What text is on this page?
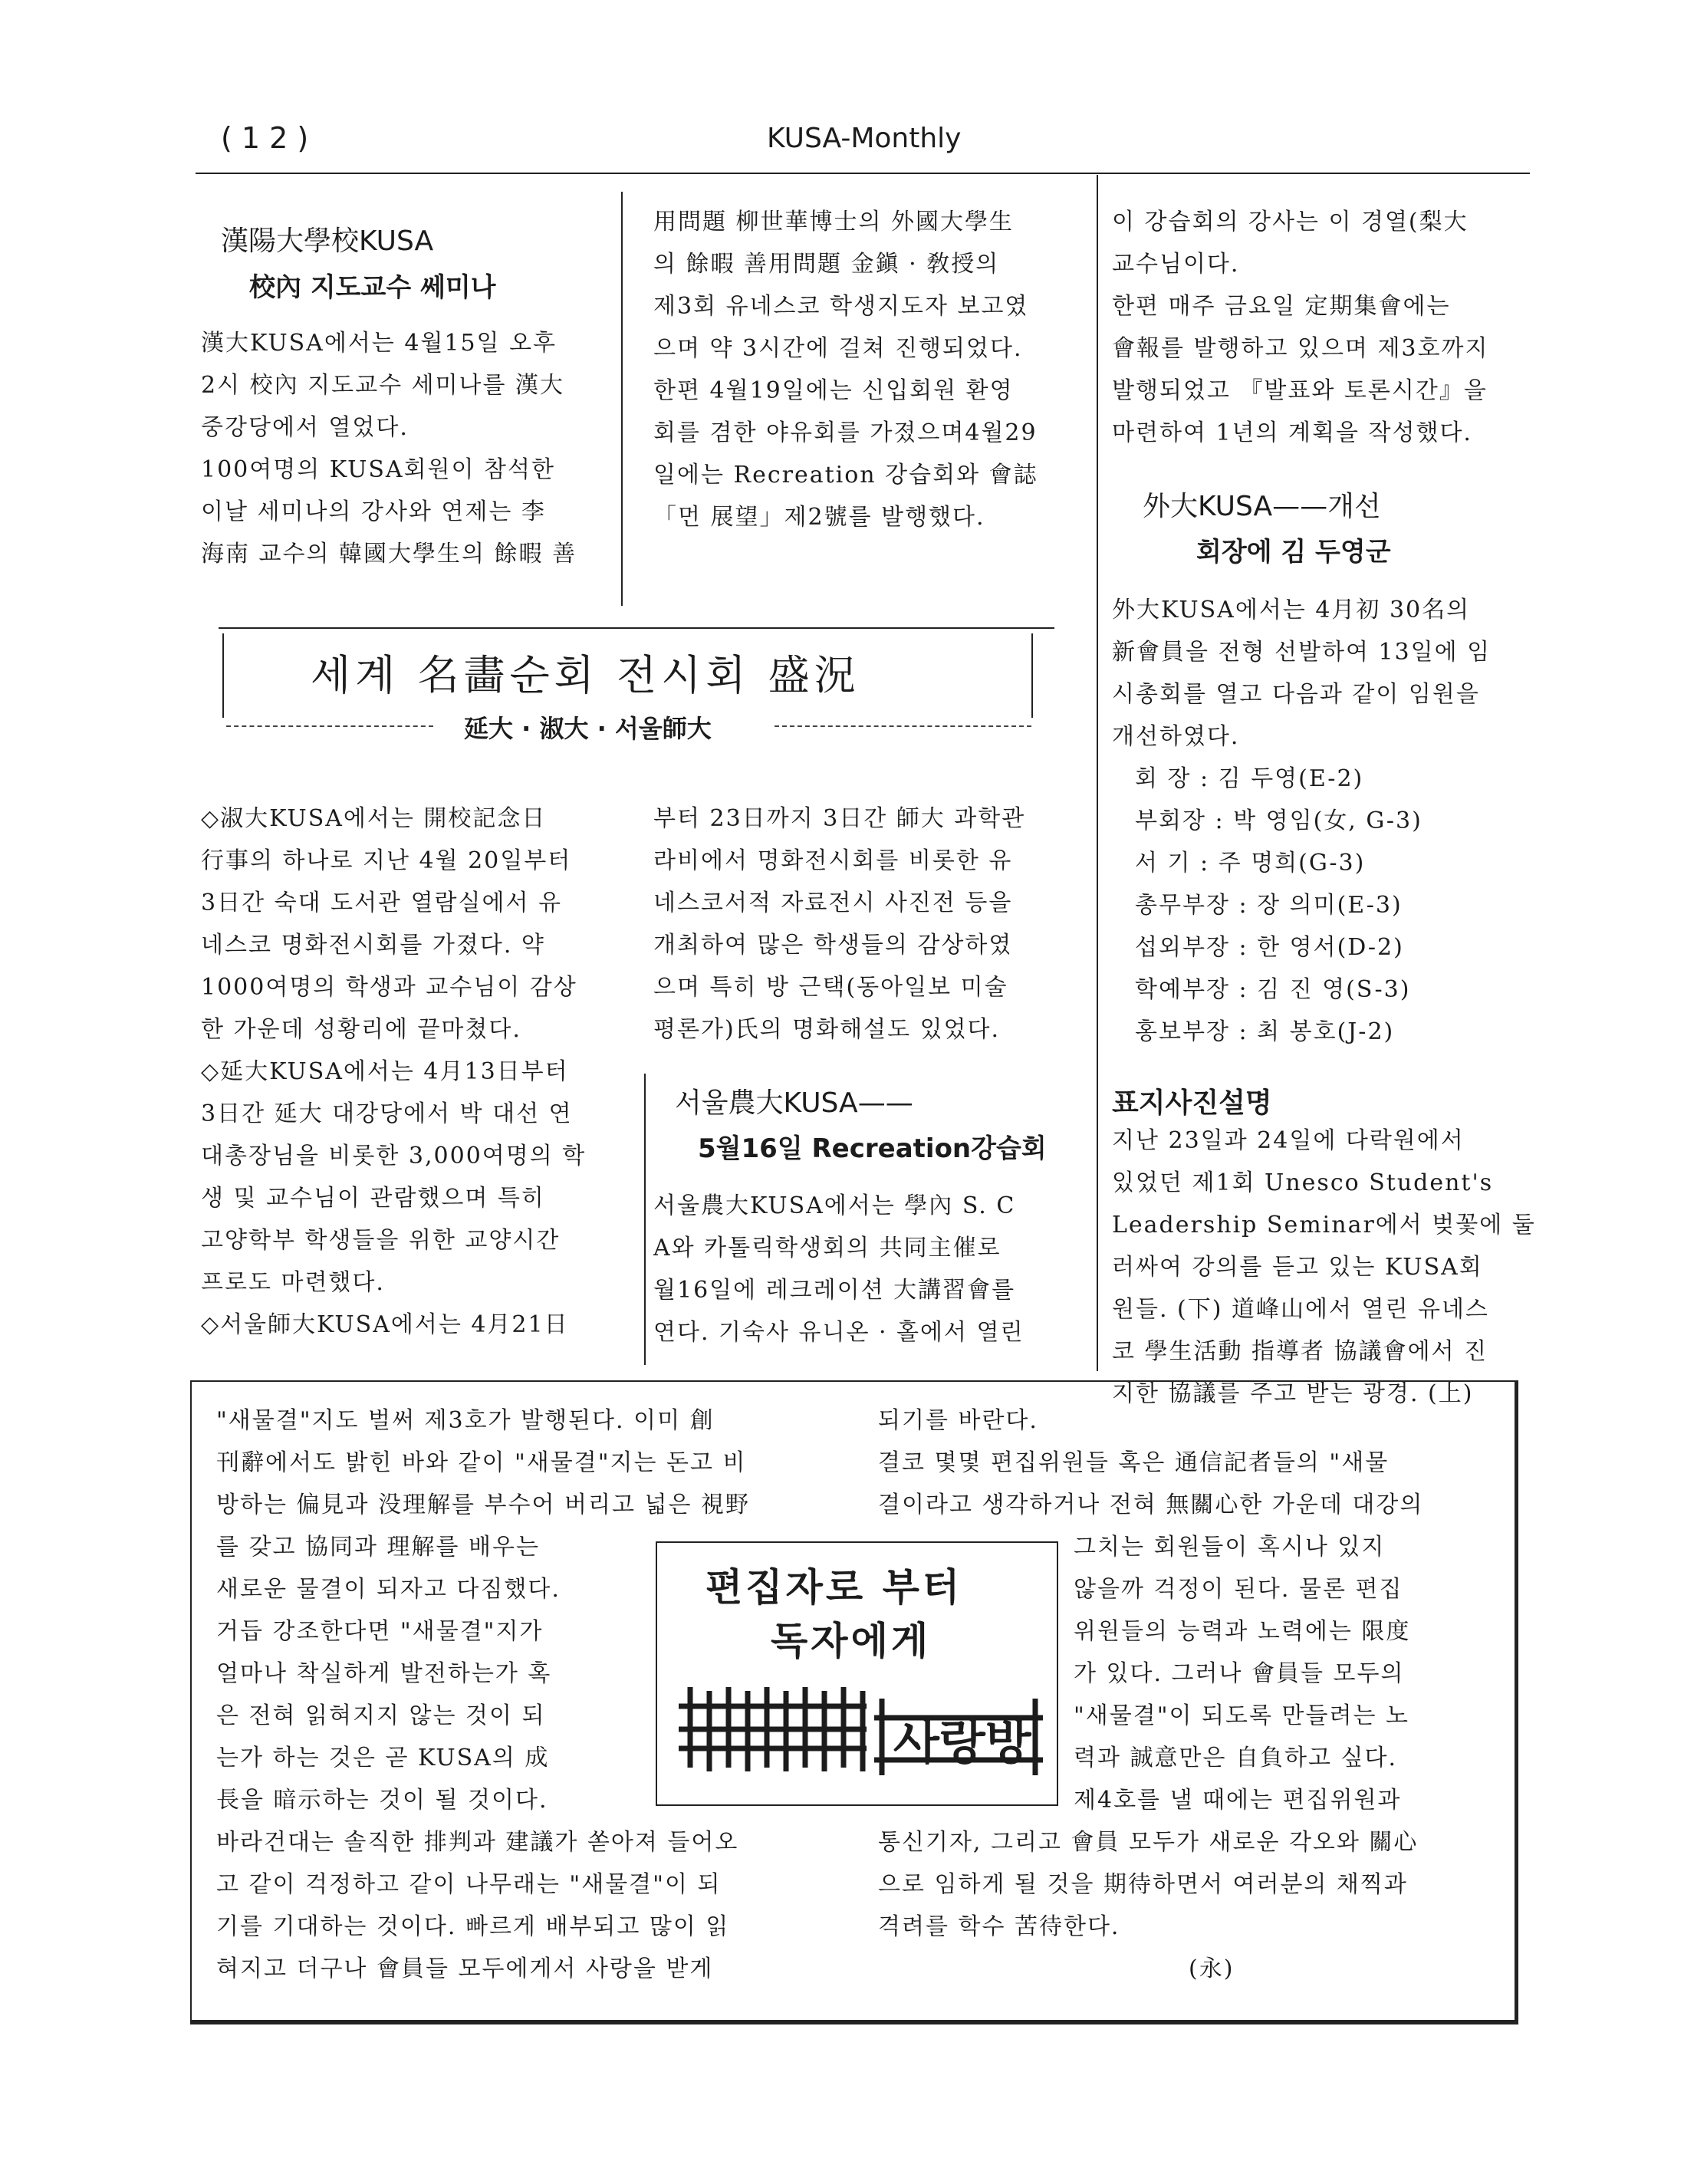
( 1 2 )	KUSA-Monthly
漢陽大學校KUSA
校內 지도교수 쎄미나
漢大KUSA에서는 4월15일 오후
2시 校內 지도교수 세미나를 漢大
중강당에서 열었다.
100여명의 KUSA회원이 참석한
이날 세미나의 강사와 연제는 李
海南 교수의 韓國大學生의 餘暇 善
用問題 柳世華博士의 外國大學生
의 餘暇 善用問題 金鎭 · 敎授의
제3회 유네스코 학생지도자 보고였
으며 약 3시간에 걸쳐 진행되었다.
한편 4월19일에는 신입회원 환영
회를 겸한 야유회를 가졌으며4월29
일에는 Recreation 강습회와 會誌
「먼 展望」제2號를 발행했다.
이 강습회의 강사는 이 경열(梨大
교수님이다.
한편 매주 금요일 定期集會에는
會報를 발행하고 있으며 제3호까지
발행되었고 『발표와 토론시간』을
마련하여 1년의 계획을 작성했다.
外大KUSA——개선
회장에 김 두영군
外大KUSA에서는 4月初 30名의
新會員을 전형 선발하여 13일에 임
시총회를 열고 다음과 같이 임원을
개선하였다.
회 장 : 김 두영(E-2)
부회장 : 박 영임(女, G-3)
서 기 : 주 명희(G-3)
총무부장 : 장 의미(E-3)
섭외부장 : 한 영서(D-2)
학예부장 : 김 진 영(S-3)
홍보부장 : 최 봉호(J-2)
세계 名畵순회 전시회 盛況
延大 · 淑大 · 서울師大
◇淑大KUSA에서는 開校記念日
行事의 하나로 지난 4월 20일부터
3日간 숙대 도서관 열람실에서 유
네스코 명화전시회를 가졌다. 약
1000여명의 학생과 교수님이 감상
한 가운데 성황리에 끝마쳤다.
◇延大KUSA에서는 4月13日부터
3日간 延大 대강당에서 박 대선 연
대총장님을 비롯한 3,000여명의 학
생 및 교수님이 관람했으며 특히
고양학부 학생들을 위한 교양시간
프로도 마련했다.
◇서울師大KUSA에서는 4月21日
부터 23日까지 3日간 師大 과학관
라비에서 명화전시회를 비롯한 유
네스코서적 자료전시 사진전 등을
개최하여 많은 학생들의 감상하였
으며 특히 방 근택(동아일보 미술
평론가)氏의 명화해설도 있었다.
서울農大KUSA——
5월16일 Recreation강습회
서울農大KUSA에서는 學內 S. C
A와 카톨릭학생회의 共同主催로
월16일에 레크레이션 大講習會를
연다. 기숙사 유니온 · 홀에서 열린
표지사진설명
지난 23일과 24일에 다락원에서
있었던 제1회 Unesco Student's
Leadership Seminar에서 벚꽃에 둘
러싸여 강의를 듣고 있는 KUSA회
원들. (下) 道峰山에서 열린 유네스
코 學生活動 指導者 協議會에서 진
지한 協議를 주고 받는 광경. (上)
"새물결"지도 벌써 제3호가 발행된다. 이미 創
刊辭에서도 밝힌 바와 같이 "새물결"지는 돈고 비
방하는 偏見과 没理解를 부수어 버리고 넓은 視野
를 갖고 協同과 理解를 배우는
새로운 물결이 되자고 다짐했다.
거듭 강조한다면 "새물결"지가
얼마나 착실하게 발전하는가 혹
은 전혀 읽혀지지 않는 것이 되
는가 하는 것은 곧 KUSA의 成
長을 暗示하는 것이 될 것이다.
바라건대는 솔직한 排判과 建議가 쏟아져 들어오
고 같이 걱정하고 같이 나무래는 "새물결"이 되
기를 기대하는 것이다. 빠르게 배부되고 많이 읽
혀지고 더구나 會員들 모두에게서 사랑을 받게
편집자로 부터
독자에게
사랑방
되기를 바란다.
결코 몇몇 편집위원들 혹은 通信記者들의 "새물
결이라고 생각하거나 전혀 無關心한 가운데 대강의
그치는 회원들이 혹시나 있지
않을까 걱정이 된다. 물론 편집
위원들의 능력과 노력에는 限度
가 있다. 그러나 會員들 모두의
"새물결"이 되도록 만들려는 노
력과 誠意만은 自負하고 싶다.
제4호를 낼 때에는 편집위원과
통신기자, 그리고 會員 모두가 새로운 각오와 關心
으로 임하게 될 것을 期待하면서 여러분의 채찍과
격려를 학수 苦待한다.
(永)
